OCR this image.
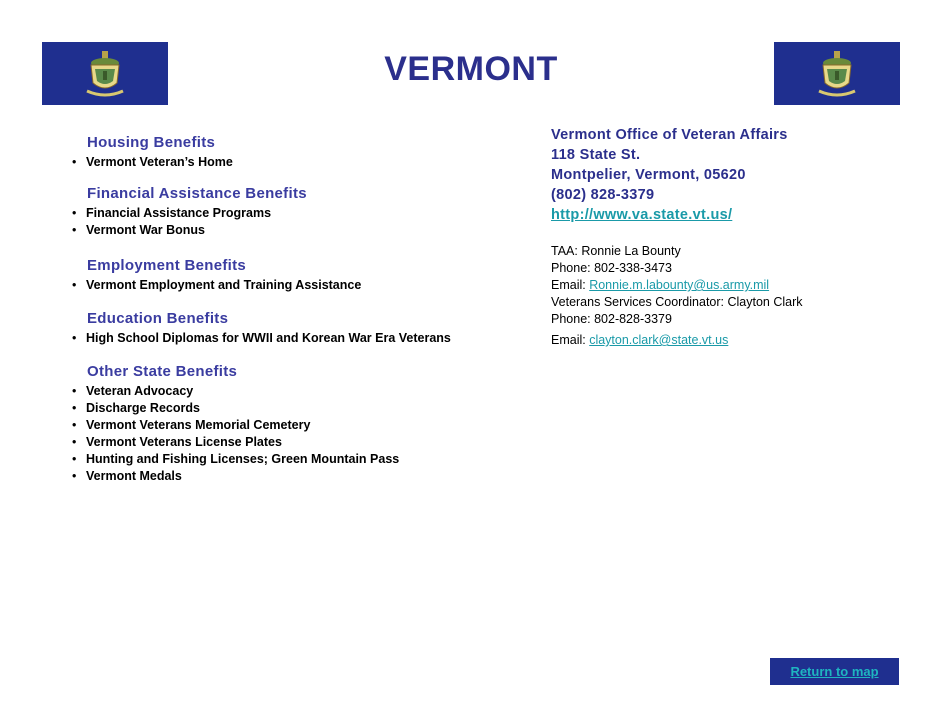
VERMONT
Housing Benefits
• Vermont Veteran’s Home
Financial Assistance Benefits
• Financial Assistance Programs
• Vermont War Bonus
Employment Benefits
• Vermont Employment and Training Assistance
Education Benefits
• High School Diplomas for WWII and Korean War Era Veterans
Other State Benefits
• Veteran Advocacy
• Discharge Records
• Vermont Veterans Memorial Cemetery
• Vermont Veterans License Plates
• Hunting and Fishing Licenses; Green Mountain Pass
• Vermont Medals
Vermont Office of Veteran Affairs
118 State St.
Montpelier, Vermont, 05620
(802) 828-3379
http://www.va.state.vt.us/
TAA: Ronnie La Bounty
Phone: 802-338-3473
Email: Ronnie.m.labounty@us.army.mil
Veterans Services Coordinator: Clayton Clark
Phone: 802-828-3379
Email: clayton.clark@state.vt.us
Return to map
